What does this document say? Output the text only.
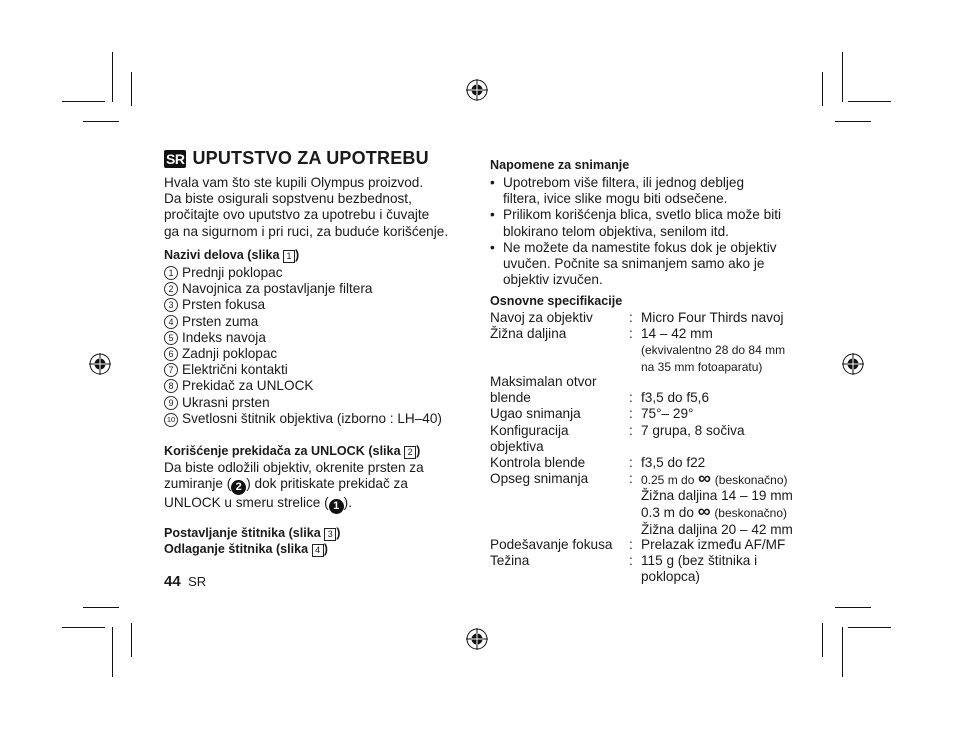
SR UPUTSTVO ZA UPOTREBU
Hvala vam što ste kupili Olympus proizvod.
Da biste osigurali sopstvenu bezbednost,
pročitajte ovo uputstvo za upotrebu i čuvajte
ga na sigurnom i pri ruci, za buduće korišćenje.
Nazivi delova (slika 1 )
1 Prednji poklopac
2 Navojnica za postavljanje filtera
3 Prsten fokusa
4 Prsten zuma
5 Indeks navoja
6 Zadnji poklopac
7 Električni kontakti
8 Prekidač za UNLOCK
9 Ukrasni prsten
10 Svetlosni štitnik objektiva (izborno : LH–40)
Korišćenje prekidača za UNLOCK (slika 2 )
Da biste odložili objektiv, okrenite prsten za
zumiranje ( 2 ) dok pritiskate prekidač za
UNLOCK u smeru strelice ( 1 ).
Postavljanje štitnika (slika 3 )
Odlaganje štitnika (slika 4 )
44 SR
Napomene za snimanje
• Upotrebom više filtera, ili jednog debljeg
filtera, ivice slike mogu biti odsečene.
• Prilikom korišćenja blica, svetlo blica može biti
blokirano telom objektiva, senilom itd.
• Ne možete da namestite fokus dok je objektiv
uvučen. Počnite sa snimanjem samo ako je
objektiv izvučen.
Osnovne specifikacije
Navoj za objektiv	: Micro Four Thirds navoj
Žižna daljina	: 14 – 42 mm
(ekvivalentno 28 do 84 mm
na 35 mm fotoaparatu)
Maksimalan otvor
blende	: f3,5 do f5,6
Ugao snimanja	: 75°– 29°
Konfiguracija
objektiva
: 7 grupa, 8 sočiva
Kontrola blende	: f3,5 do f22
Opseg snimanja	: 0.25 m do ∞ (beskonačno)
Žižna daljina 14 – 19 mm
0.3 m do ∞ (beskonačno)
Žižna daljina 20 – 42 mm
Podešavanje fokusa : Prelazak između AF/MF
Težina	: 115 g (bez štitnika i
poklopca)
